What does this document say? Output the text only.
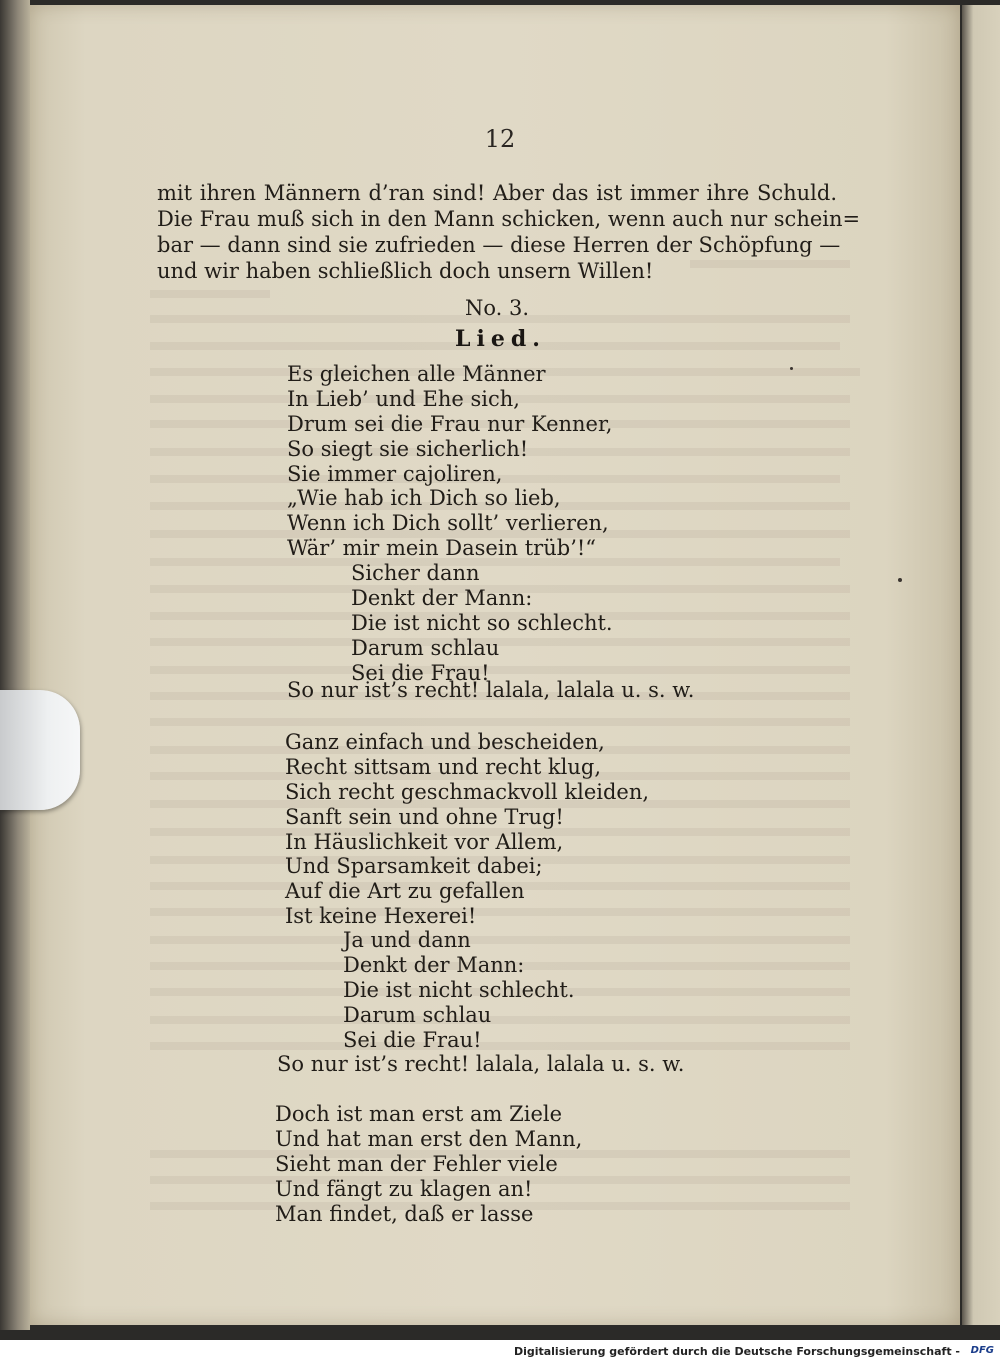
12
mit ihren Männern d’ran sind! Aber das ist immer ihre Schuld.
Die Frau muß sich in den Mann schicken, wenn auch nur schein=
bar — dann sind sie zufrieden — diese Herren der Schöpfung —
und wir haben schließlich doch unsern Willen!
No. 3.
Lied.
Es gleichen alle Männer
In Lieb’ und Ehe sich,
Drum sei die Frau nur Kenner,
So siegt sie sicherlich!
Sie immer cajoliren,
„Wie hab ich Dich so lieb,
Wenn ich Dich sollt’ verlieren,
Wär’ mir mein Dasein trüb’!“
Sicher dann
Denkt der Mann:
Die ist nicht so schlecht.
Darum schlau
Sei die Frau!
So nur ist’s recht! lalala, lalala u. s. w.
Ganz einfach und bescheiden,
Recht sittsam und recht klug,
Sich recht geschmackvoll kleiden,
Sanft sein und ohne Trug!
In Häuslichkeit vor Allem,
Und Sparsamkeit dabei;
Auf die Art zu gefallen
Ist keine Hexerei!
Ja und dann
Denkt der Mann:
Die ist nicht schlecht.
Darum schlau
Sei die Frau!
So nur ist’s recht! lalala, lalala u. s. w.
Doch ist man erst am Ziele
Und hat man erst den Mann,
Sieht man der Fehler viele
Und fängt zu klagen an!
Man findet, daß er lasse
Digitalisierung gefördert durch die Deutsche Forschungsgemeinschaft - DFG
